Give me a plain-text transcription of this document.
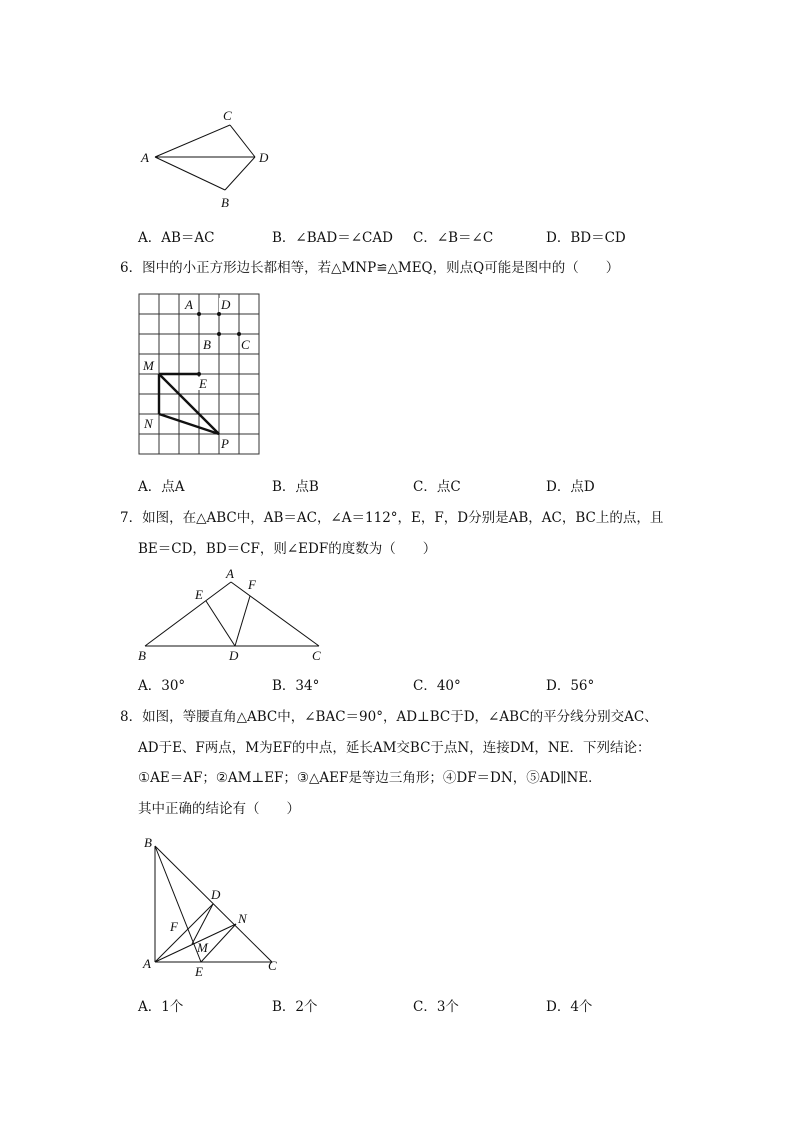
C
A	D
B
A．AB＝AC	B．∠BAD＝∠CAD C．∠B＝∠C	D．BD＝CD
6．图中的小正方形边长都相等，若△MNP≌△MEQ，则点Q可能是图中的（　　）
A D
B C
M
E
N
P
A．点A	B．点B	C．点C	D．点D
7．如图，在△ABC中，AB＝AC，∠A＝112°，E，F，D分别是AB，AC，BC上的点，且
BE＝CD，BD＝CF，则∠EDF的度数为（　　）
A
E
F
B	D	C
A．30°	B．34°	C．40°	D．56°
8．如图，等腰直角△ABC中，∠BAC＝90°，AD⊥BC于D，∠ABC的平分线分别交AC、
AD于E、F两点，M为EF的中点，延长AM交BC于点N，连接DM，NE．下列结论：
①AE＝AF；②AM⊥EF；③△AEF是等边三角形；④DF＝DN，⑤AD∥NE．
其中正确的结论有（　　）
B
D
N
F
M
A
E	C
A．1个	B．2个	C．3个	D．4个
